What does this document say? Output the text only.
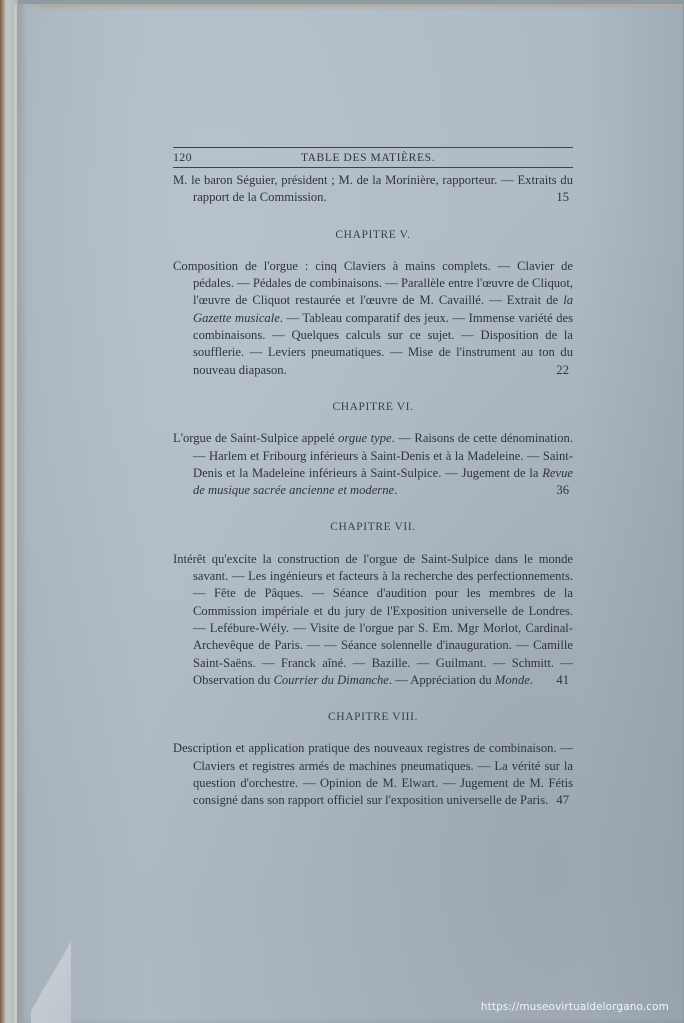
120	TABLE DES MATIÈRES.
M. le baron Séguier, président ; M. de la Morinière, rapporteur. — Extraits du rapport de la Commission.	15
CHAPITRE V.
Composition de l'orgue : cinq Claviers à mains complets. — Clavier de pédales. — Pédales de combinaisons. — Parallèle entre l'œuvre de Cliquot, l'œuvre de Cliquot restaurée et l'œuvre de M. Cavaillé. — Extrait de la Gazette musicale. — Tableau comparatif des jeux. — Immense variété des combinaisons. — Quelques calculs sur ce sujet. — Disposition de la soufflerie. — Leviers pneumatiques. — Mise de l'instrument au ton du nouveau diapason.	22
CHAPITRE VI.
L'orgue de Saint-Sulpice appelé orgue type. — Raisons de cette dénomination. — Harlem et Fribourg inférieurs à Saint-Denis et à la Madeleine. — Saint-Denis et la Madeleine inférieurs à Saint-Sulpice. — Jugement de la Revue de musique sacrée ancienne et moderne.	36
CHAPITRE VII.
Intérêt qu'excite la construction de l'orgue de Saint-Sulpice dans le monde savant. — Les ingénieurs et facteurs à la recherche des perfectionnements. — Fête de Pâques. — Séance d'audition pour les membres de la Commission impériale et du jury de l'Exposition universelle de Londres. — Lefébure-Wély. — Visite de l'orgue par S. Em. Mgr Morlot, Cardinal-Archevêque de Paris. — — Séance solennelle d'inauguration. — Camille Saint-Saëns. — Franck aîné. — Bazille. — Guilmant. — Schmitt. — Observation du Courrier du Dimanche. — Appréciation du Monde. 41
CHAPITRE VIII.
Description et application pratique des nouveaux registres de combinaison. — Claviers et registres armés de machines pneumatiques. — La vérité sur la question d'orchestre. — Opinion de M. Elwart. — Jugement de M. Fétis consigné dans son rapport officiel sur l'exposition universelle de Paris. 47
https://museovirtualdelorgano.com
